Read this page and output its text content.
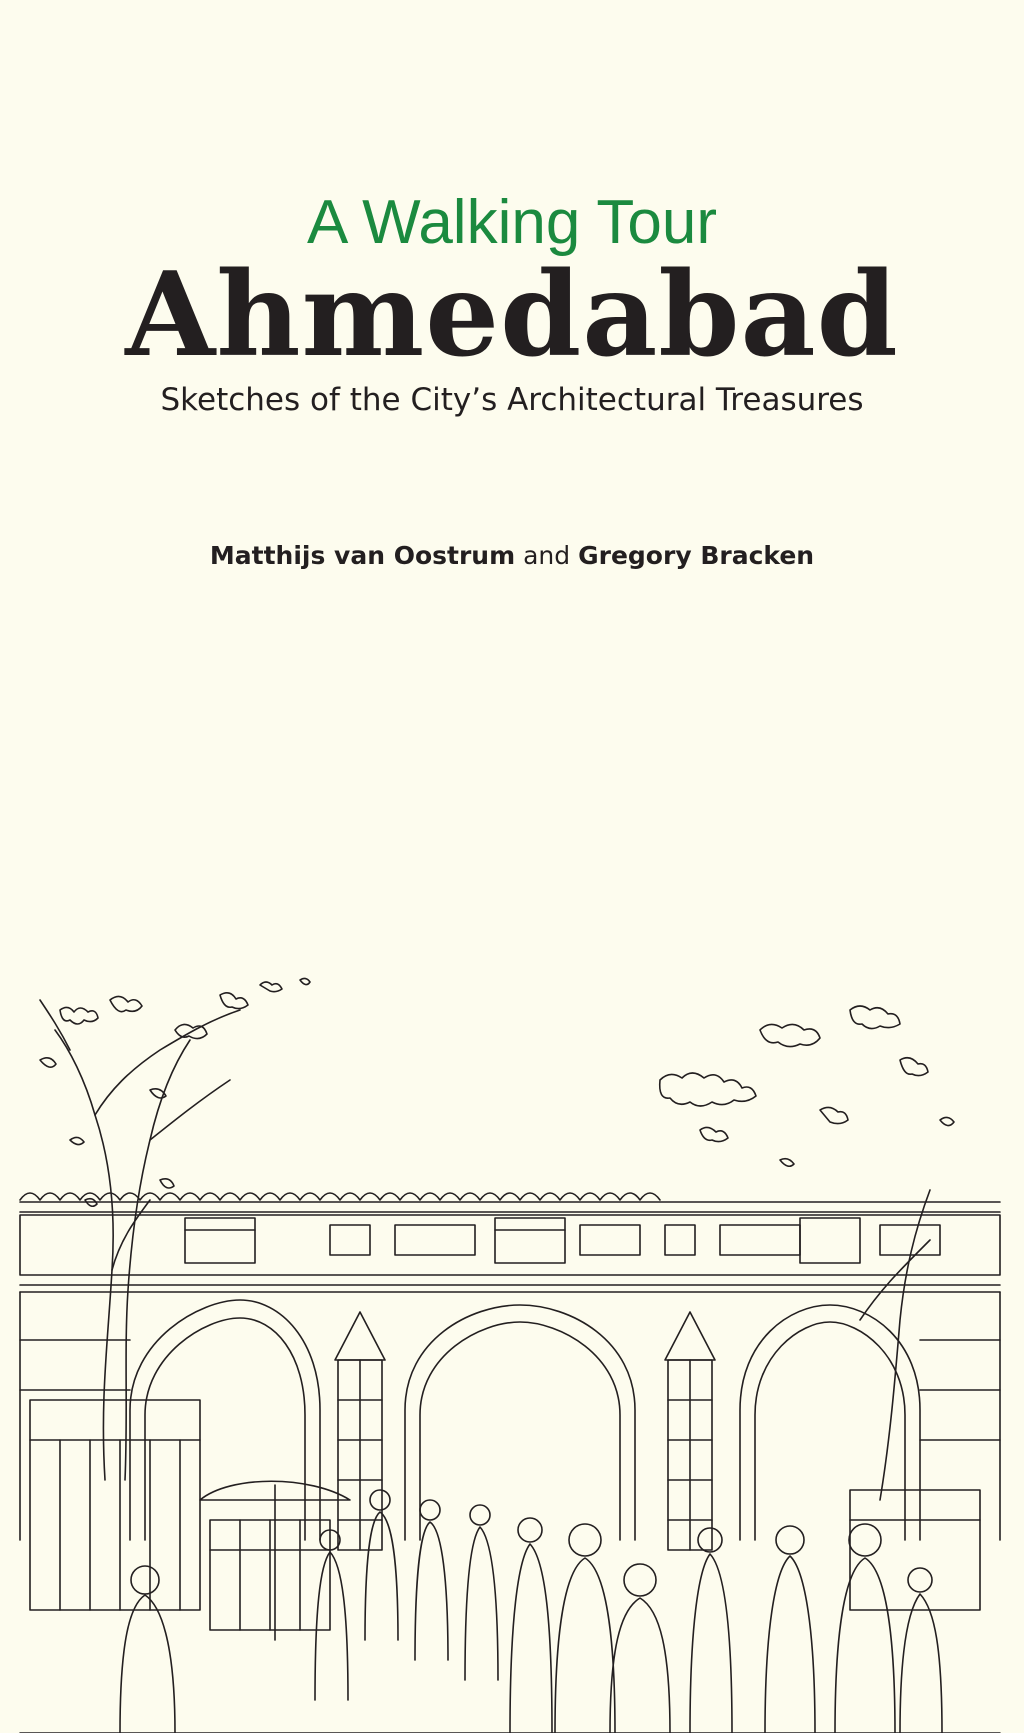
A Walking Tour
Ahmedabad
Sketches of the City’s Architectural Treasures
Matthijs van Oostrum and Gregory Bracken
